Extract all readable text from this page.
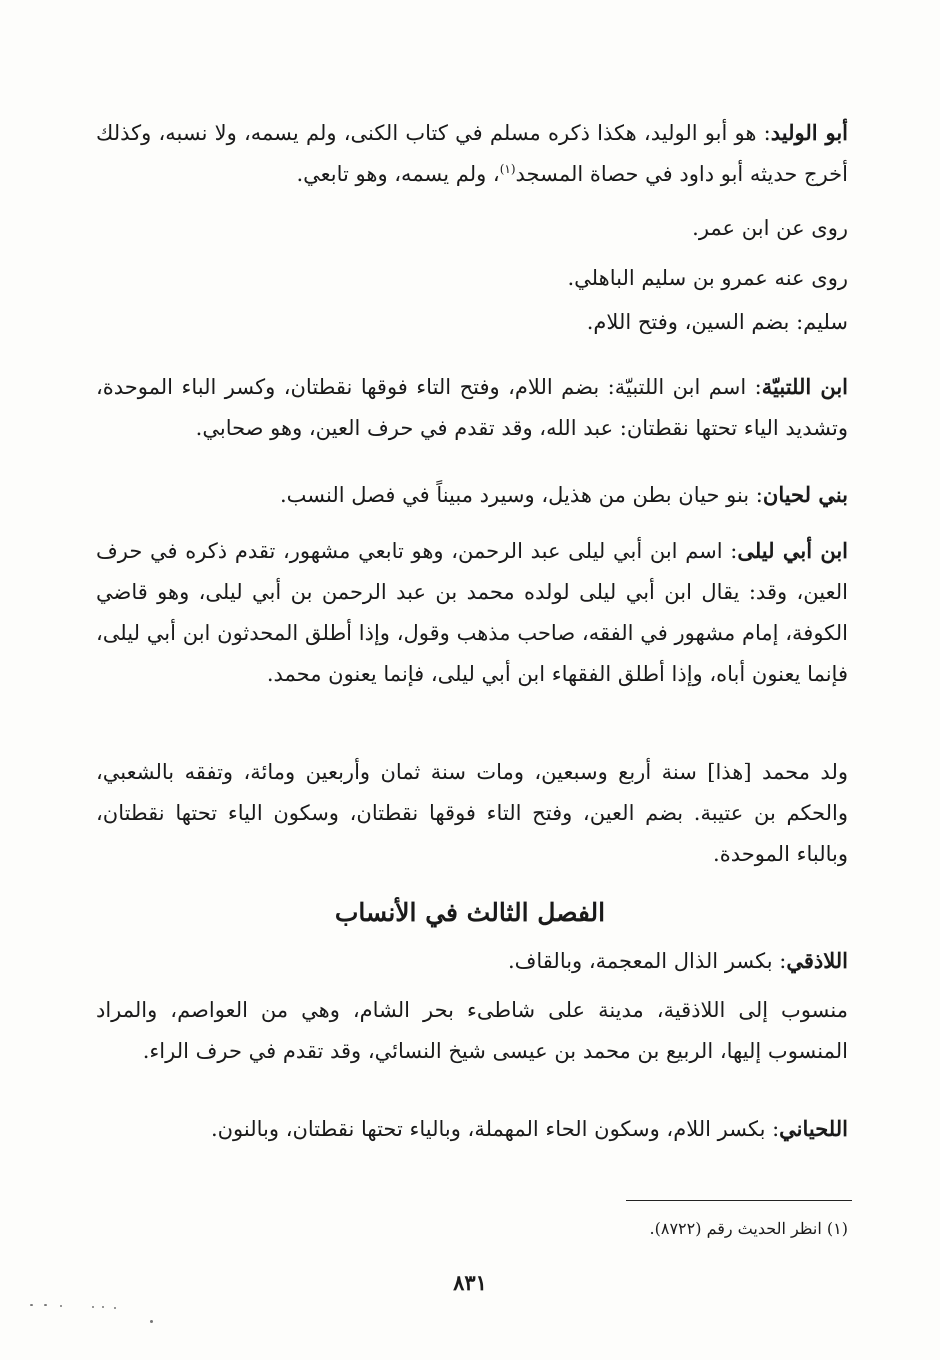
أبو الوليد: هو أبو الوليد، هكذا ذكره مسلم في كتاب الكنى، ولم يسمه، ولا نسبه، وكذلك أخرج حديثه أبو داود في حصاة المسجد$^{(١)}$، ولم يسمه، وهو تابعي.

روى عن ابن عمر.
روى عنه عمرو بن سليم الباهلي.
سليم: بضم السين، وفتح اللام.

ابن اللتبيّة: اسم ابن اللتبيّة: بضم اللام، وفتح التاء فوقها نقطتان، وكسر الباء الموحدة، وتشديد الياء تحتها نقطتان: عبد الله، وقد تقدم في حرف العين، وهو صحابي.

بني لحيان: بنو حيان بطن من هذيل، وسيرد مبيناً في فصل النسب.

ابن أبي ليلى: اسم ابن أبي ليلى عبد الرحمن، وهو تابعي مشهور، تقدم ذكره في حرف العين، وقد: يقال ابن أبي ليلى لولده محمد بن عبد الرحمن بن أبي ليلى، وهو قاضي الكوفة، إمام مشهور في الفقه، صاحب مذهب وقول، وإذا أطلق المحدثون ابن أبي ليلى، فإنما يعنون أباه، وإذا أطلق الفقهاء ابن أبي ليلى، فإنما يعنون محمد.

ولد محمد [هذا] سنة أربع وسبعين، ومات سنة ثمان وأربعين ومائة، وتفقه بالشعبي، والحكم بن عتيبة. بضم العين، وفتح التاء فوقها نقطتان، وسكون الياء تحتها نقطتان، وبالباء الموحدة.

الفصل الثالث في الأنساب

اللاذقي: بكسر الذال المعجمة، وبالقاف.

منسوب إلى اللاذقية، مدينة على شاطىء بحر الشام، وهي من العواصم، والمراد المنسوب إليها، الربيع بن محمد بن عيسى شيخ النسائي، وقد تقدم في حرف الراء.

اللحياني: بكسر اللام، وسكون الحاء المهملة، وبالياء تحتها نقطتان، وبالنون.

(١) انظر الحديث رقم (٨٧٢٢).
٨٣١
